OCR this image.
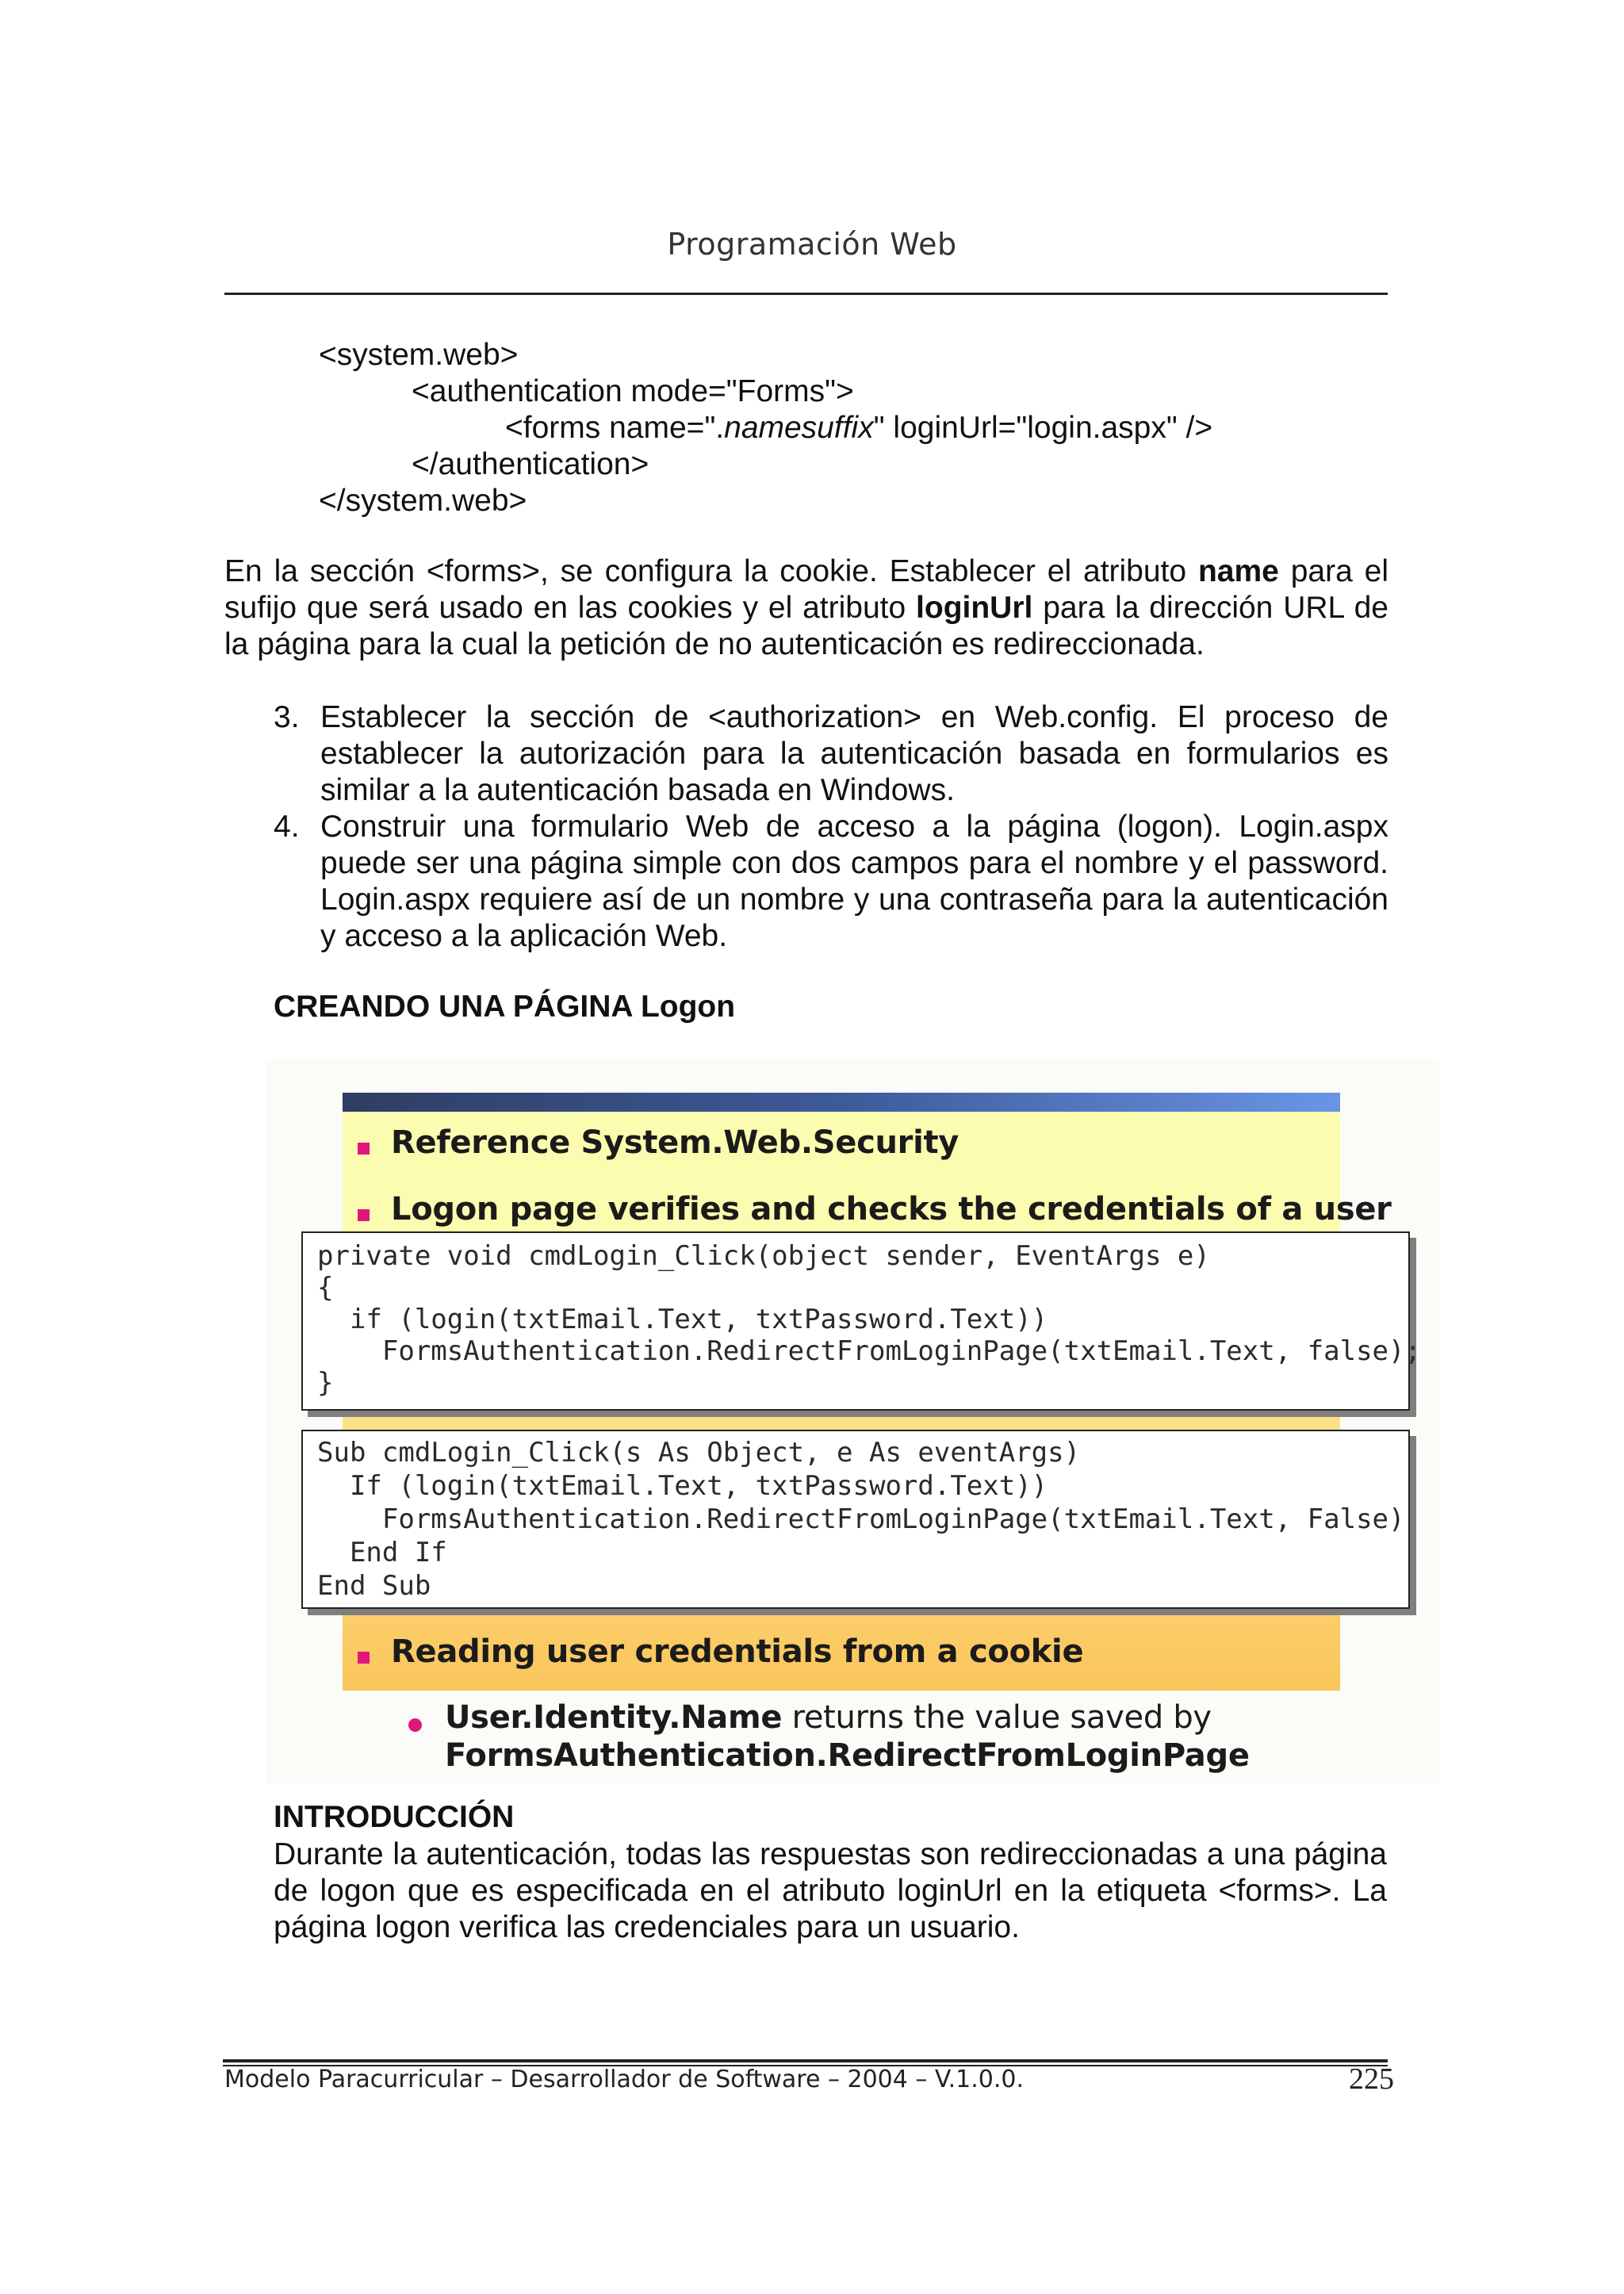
Programación Web
<system.web>
<authentication mode="Forms">
<forms name=".namesuffix" loginUrl="login.aspx" />
</authentication>
</system.web>
En la sección <forms>, se configura la cookie. Establecer el atributo name para el sufijo que será usado en las cookies y el atributo loginUrl para la dirección URL de la página para la cual la petición de no autenticación es redireccionada.
3. Establecer la sección de <authorization> en Web.config. El proceso de establecer la autorización para la autenticación basada en formularios es similar a la autenticación basada en Windows.
4. Construir una formulario Web de acceso a la página (logon). Login.aspx puede ser una página simple con dos campos para el nombre y el password. Login.aspx requiere así de un nombre y una contraseña para la autenticación y acceso a la aplicación Web.
CREANDO UNA PÁGINA Logon
Reference System.Web.Security
Logon page verifies and checks the credentials of a user
private void cmdLogin_Click(object sender, EventArgs e)
{
if (login(txtEmail.Text, txtPassword.Text))
FormsAuthentication.RedirectFromLoginPage(txtEmail.Text, false);
}
Sub cmdLogin_Click(s As Object, e As eventArgs)
If (login(txtEmail.Text, txtPassword.Text))
FormsAuthentication.RedirectFromLoginPage(txtEmail.Text, False)
End If
End Sub
Reading user credentials from a cookie
User.Identity.Name returns the value saved by
FormsAuthentication.RedirectFromLoginPage
INTRODUCCIÓN
Durante la autenticación, todas las respuestas son redireccionadas a una página de logon que es especificada en el atributo loginUrl en la etiqueta <forms>. La página logon verifica las credenciales para un usuario.
Modelo Paracurricular – Desarrollador de Software – 2004 – V.1.0.0.	225
